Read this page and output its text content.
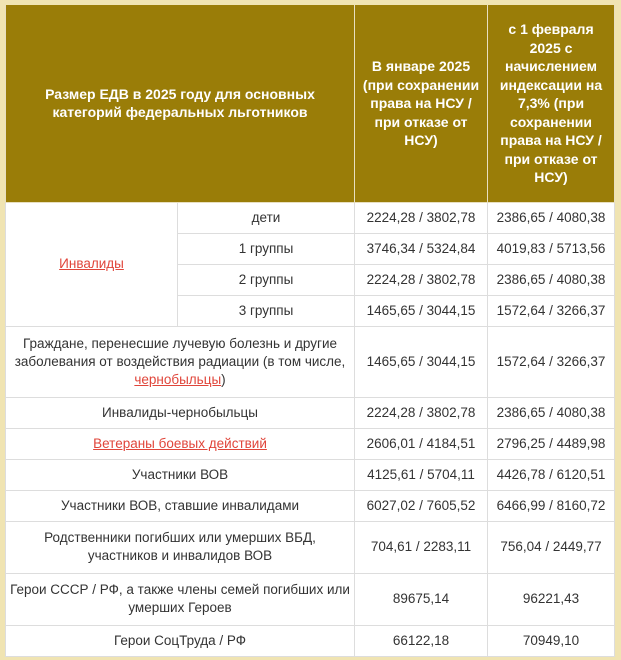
Размер ЕДВ в 2025 году для основных категорий федеральных льготников		В январе 2025 (при сохранении права на НСУ / при отказе от НСУ)	с 1 февраля 2025 с начислением индексации на 7,3% (при сохранении права на НСУ / при отказе от НСУ)
Инвалиды	дети	2224,28 / 3802,78	2386,65 / 4080,38
	1 группы	3746,34 / 5324,84	4019,83 / 5713,56
	2 группы	2224,28 / 3802,78	2386,65 / 4080,38
	3 группы	1465,65 / 3044,15	1572,64 / 3266,37
Граждане, перенесшие лучевую болезнь и другие заболевания от воздействия радиации (в том числе, чернобыльцы)		1465,65 / 3044,15	1572,64 / 3266,37
Инвалиды-чернобыльцы		2224,28 / 3802,78	2386,65 / 4080,38
Ветераны боевых действий		2606,01 / 4184,51	2796,25 / 4489,98
Участники ВОВ		4125,61 / 5704,11	4426,78 / 6120,51
Участники ВОВ, ставшие инвалидами		6027,02 / 7605,52	6466,99 / 8160,72
Родственники погибших или умерших ВБД, участников и инвалидов ВОВ		704,61 / 2283,11	756,04 / 2449,77
Герои СССР / РФ, а также члены семей погибших или умерших Героев		89675,14	96221,43
Герои СоцТруда / РФ		66122,18	70949,10
